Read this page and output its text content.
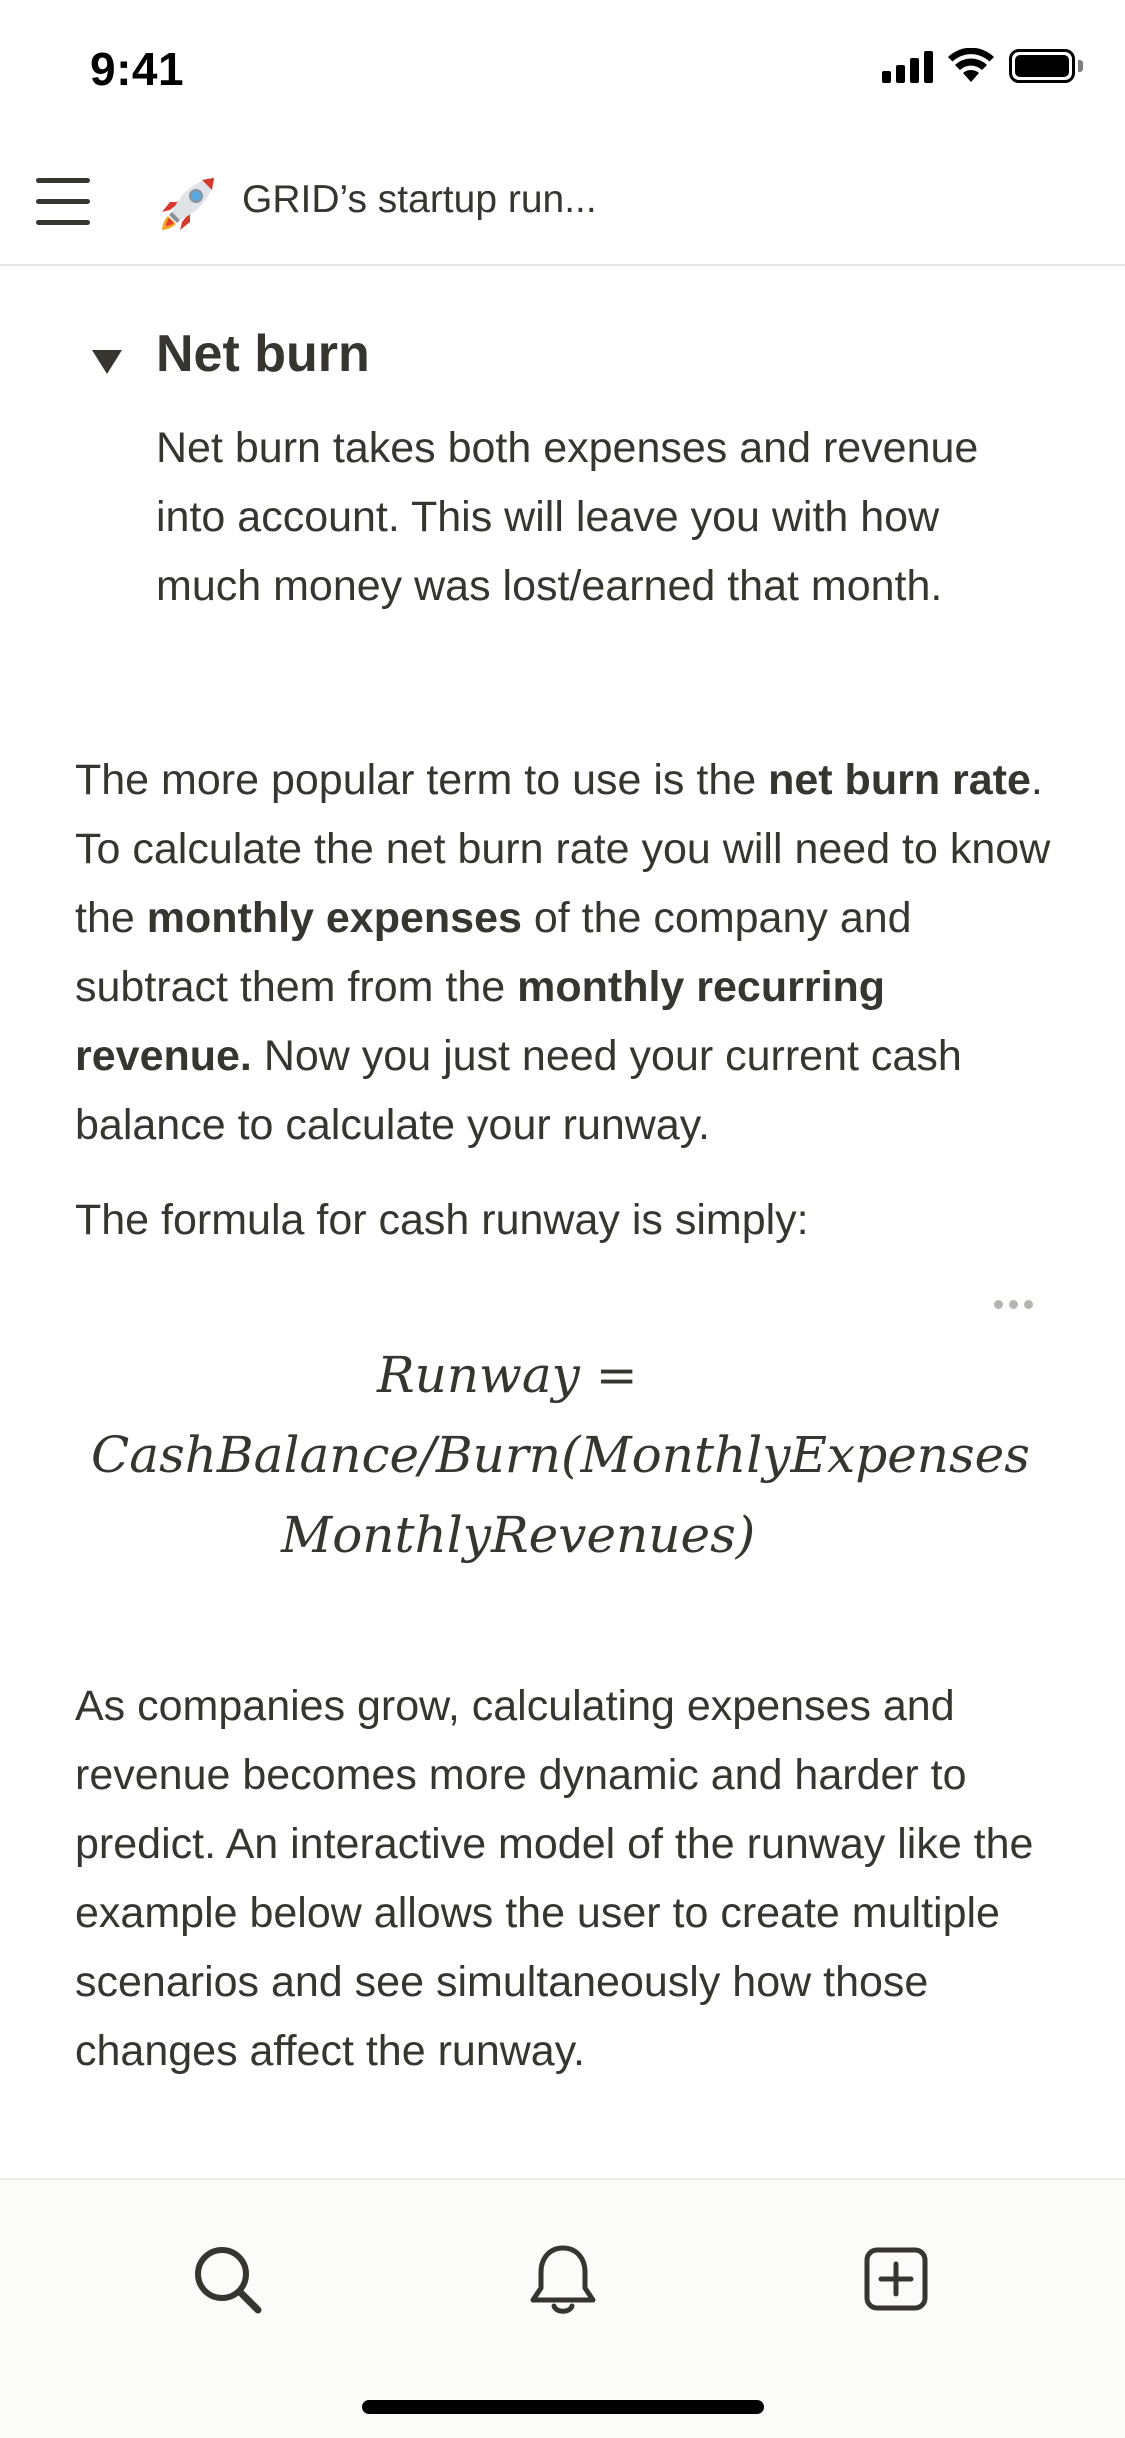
9:41
GRID’s startup run...
Net burn
Net burn takes both expenses and revenue into account. This will leave you with how much money was lost/earned that month.
The more popular term to use is the net burn rate. To calculate the net burn rate you will need to know the monthly expenses of the company and subtract them from the monthly recurring revenue. Now you just need your current cash balance to calculate your runway.
The formula for cash runway is simply:
Runway =
CashBalance/Burn(MonthlyExpenses
MonthlyRevenues)
As companies grow, calculating expenses and revenue becomes more dynamic and harder to predict. An interactive model of the runway like the example below allows the user to create multiple scenarios and see simultaneously how those changes affect the runway.
